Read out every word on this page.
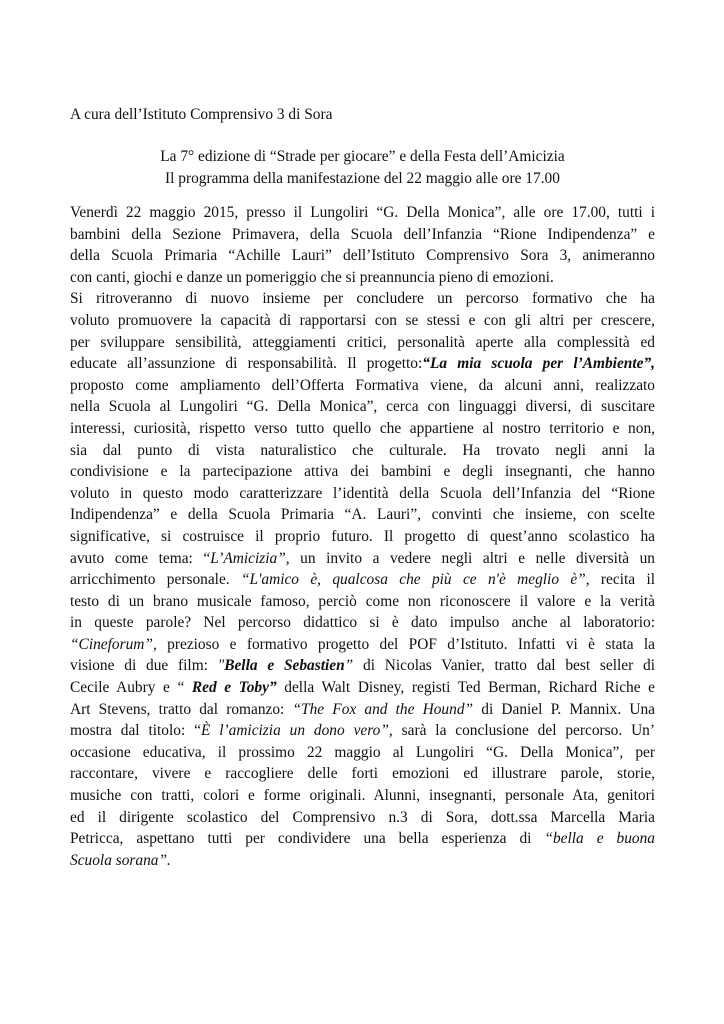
A cura dell’Istituto Comprensivo 3 di Sora

La 7° edizione di “Strade per giocare” e della Festa dell’Amicizia
Il programma della manifestazione del 22 maggio alle ore 17.00
Venerdì 22 maggio 2015, presso il Lungoliri “G. Della Monica”, alle ore 17.00, tutti i
bambini della Sezione Primavera, della Scuola dell’Infanzia “Rione Indipendenza” e
della Scuola Primaria “Achille Lauri” dell’Istituto Comprensivo Sora 3, animeranno
con canti, giochi e danze un pomeriggio che si preannuncia pieno di emozioni.
Si ritroveranno di nuovo insieme per concludere un percorso formativo che ha
voluto promuovere la capacità di rapportarsi con se stessi e con gli altri per crescere,
per sviluppare sensibilità, atteggiamenti critici, personalità aperte alla complessità ed
educate all’assunzione di responsabilità. Il progetto:“La mia scuola per l’Ambiente”,
proposto come ampliamento dell’Offerta Formativa viene, da alcuni anni, realizzato
nella Scuola al Lungoliri “G. Della Monica”, cerca con linguaggi diversi, di suscitare
interessi, curiosità, rispetto verso tutto quello che appartiene al nostro territorio e non,
sia dal punto di vista naturalistico che culturale. Ha trovato negli anni la
condivisione e la partecipazione attiva dei bambini e degli insegnanti, che hanno
voluto in questo modo caratterizzare l’identità della Scuola dell’Infanzia del “Rione
Indipendenza” e della Scuola Primaria “A. Lauri”, convinti che insieme, con scelte
significative, si costruisce il proprio futuro. Il progetto di quest’anno scolastico ha
avuto come tema: “L’Amicizia”, un invito a vedere negli altri e nelle diversità un
arricchimento personale. “L'amico è, qualcosa che più ce n'è meglio è”, recita il
testo di un brano musicale famoso, perciò come non riconoscere il valore e la verità
in queste parole? Nel percorso didattico si è dato impulso anche al laboratorio:
“Cineforum”, prezioso e formativo progetto del POF d’Istituto. Infatti vi è stata la
visione di due film: "Bella e Sebastien” di Nicolas Vanier, tratto dal best seller di
Cecile Aubry e “ Red e Toby” della Walt Disney, registi Ted Berman, Richard Riche e
Art Stevens, tratto dal romanzo: “The Fox and the Hound” di Daniel P. Mannix. Una
mostra dal titolo: “È l’amicizia un dono vero”, sarà la conclusione del percorso. Un’
occasione educativa, il prossimo 22 maggio al Lungoliri “G. Della Monica”, per
raccontare, vivere e raccogliere delle forti emozioni ed illustrare parole, storie,
musiche con tratti, colori e forme originali. Alunni, insegnanti, personale Ata, genitori
ed il dirigente scolastico del Comprensivo n.3 di Sora, dott.ssa Marcella Maria
Petricca, aspettano tutti per condividere una bella esperienza di “bella e buona
Scuola sorana”.
